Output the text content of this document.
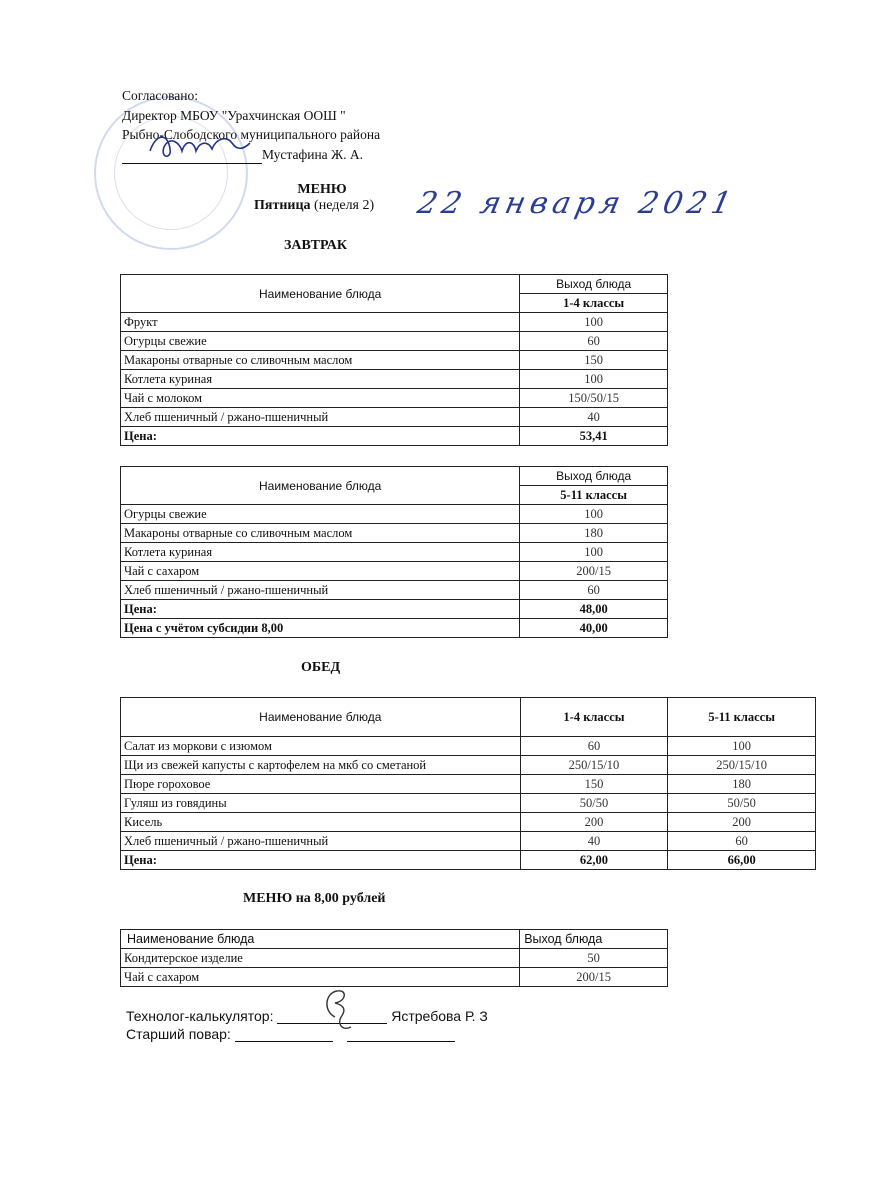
Согласовано:
Директор МБОУ "Урахчинская ООШ "
Рыбно-Слободского муниципального района
Мустафина Ж. А.
МЕНЮ
Пятница (неделя 2) 22 января 2021
ЗАВТРАК
Наименование блюда	Выход блюда
	1-4 классы
Фрукт	100
Огурцы свежие	60
Макароны отварные со сливочным маслом	150
Котлета куриная	100
Чай с молоком	150/50/15
Хлеб пшеничный / ржано-пшеничный	40
Цена:	53,41
Наименование блюда	Выход блюда
	5-11 классы
Огурцы свежие	100
Макароны отварные со сливочным маслом	180
Котлета куриная	100
Чай с сахаром	200/15
Хлеб пшеничный / ржано-пшеничный	60
Цена:	48,00
Цена с учётом субсидии 8,00	40,00
ОБЕД
Наименование блюда	1-4 классы	5-11 классы
Салат из моркови с изюмом	60	100
Щи из свежей капусты с картофелем на мкб со сметаной	250/15/10	250/15/10
Пюре гороховое	150	180
Гуляш из говядины	50/50	50/50
Кисель	200	200
Хлеб пшеничный / ржано-пшеничный	40	60
Цена:	62,00	66,00
МЕНЮ на 8,00 рублей
Наименование блюда	Выход блюда
Кондитерское изделие	50
Чай с сахаром	200/15
Технолог-калькулятор:	Ястребова Р. З
Старший повар:
